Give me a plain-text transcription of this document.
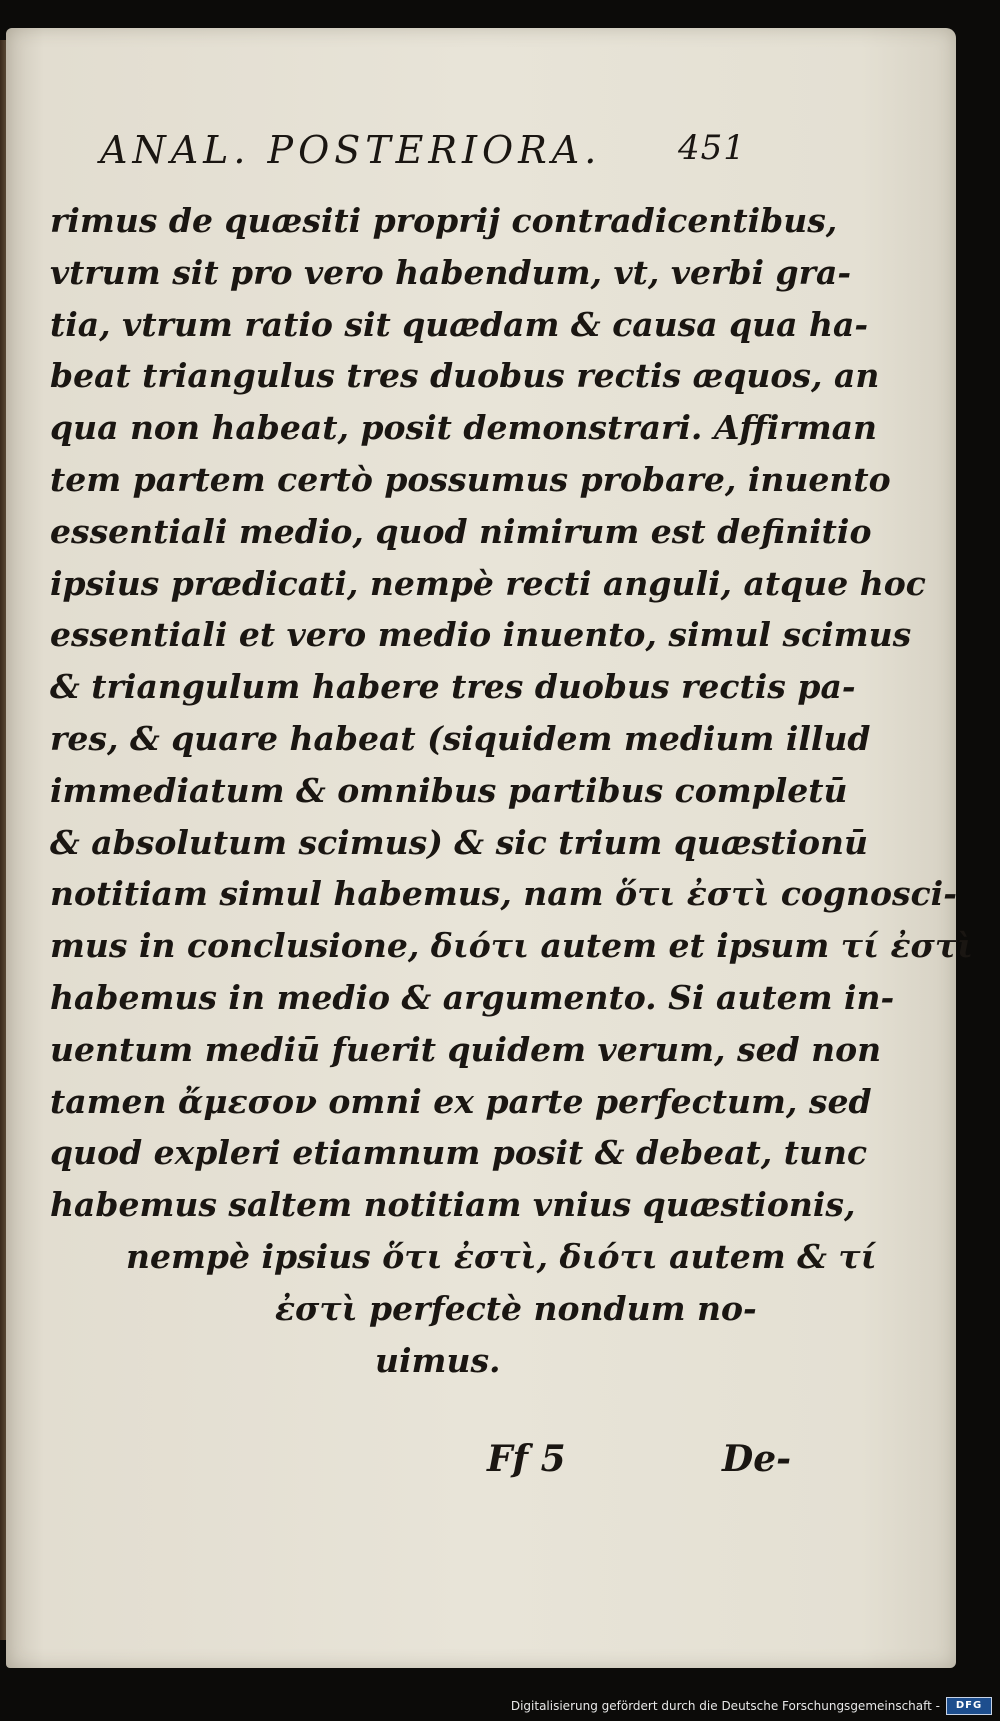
ANAL. POSTERIORA. 451
rimus de quæsiti proprij contradicentibus,
vtrum sit pro vero habendum, vt, verbi gra-
tia, vtrum ratio sit quædam & causa qua ha-
beat triangulus tres duobus rectis æquos, an
qua non habeat, posit demonstrari. Affirman
tem partem certò possumus probare, inuento
essentiali medio, quod nimirum est definitio
ipsius prædicati, nempè recti anguli, atque hoc
essentiali et vero medio inuento, simul scimus
& triangulum habere tres duobus rectis pa-
res, & quare habeat (siquidem medium illud
immediatum & omnibus partibus completū
& absolutum scimus) & sic trium quæstionū
notitiam simul habemus, nam ὅτι ἐστὶ cognosci-
mus in conclusione, διότι autem et ipsum τί ἐστὶ
habemus in medio & argumento. Si autem in-
uentum mediū fuerit quidem verum, sed non
tamen ἄμεσον omni ex parte perfectum, sed
quod expleri etiamnum posit & debeat, tunc
habemus saltem notitiam vnius quæstionis,
nempè ipsius ὅτι ἐστὶ, διότι autem & τί
ἐστὶ perfectè nondum no-
uimus.
Ff 5	De-
Digitalisierung gefördert durch die Deutsche Forschungsgemeinschaft -	DFG
